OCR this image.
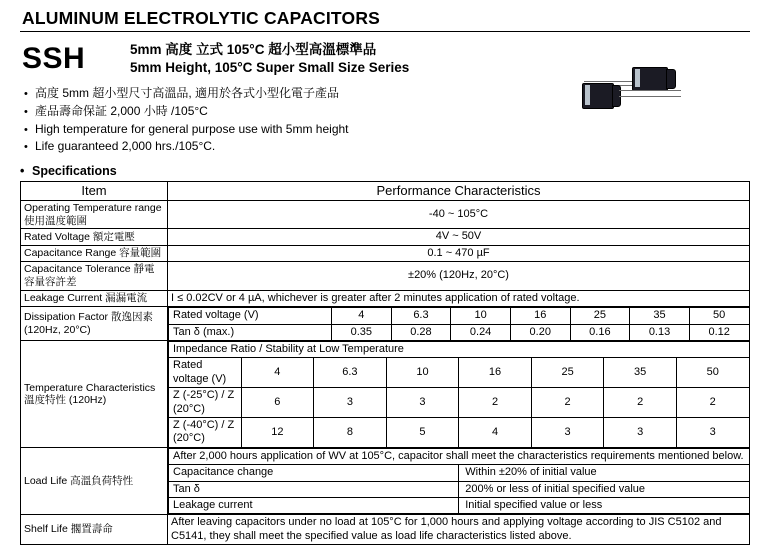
ALUMINUM ELECTROLYTIC CAPACITORS
SSH	5mm 高度 立式 105°C 超小型高溫標準品
5mm Height, 105°C Super Small Size Series
• 高度 5mm 超小型尺寸高溫品, 適用於各式小型化電子產品
• 產品壽命保証 2,000 小時 /105°C
• High temperature for general purpose use with 5mm height
• Life guaranteed 2,000 hrs./105°C.
• Specifications
Item	Performance Characteristics
Operating Temperature range 使用溫度範圍	-40 ~ 105°C
Rated Voltage 額定電壓	4V ~ 50V
Capacitance Range 容量範圍	0.1 ~ 470 µF
Capacitance Tolerance 靜電容量容許差	±20% (120Hz, 20°C)
Leakage Current 漏漏電流	I ≤ 0.02CV or 4 µA, whichever is greater after 2 minutes application of rated voltage.
Dissipation Factor 散逸因素 (120Hz, 20°C)	
Rated voltage (V)	4	6.3	10	16	25	35	50
Tan δ (max.)	0.35	0.28	0.24	0.20	0.16	0.13	0.12

Temperature Characteristics 溫度特性 (120Hz)	
Impedance Ratio / Stability at Low Temperature
Rated voltage (V)	4	6.3	10	16	25	35	50
Z (-25°C) / Z (20°C)	6	3	3	2	2	2	2
Z (-40°C) / Z (20°C)	12	8	5	4	3	3	3

Load Life 高溫負荷特性	
After 2,000 hours application of WV at 105°C, capacitor shall meet the characteristics requirements mentioned below.
Capacitance change	Within ±20% of initial value
Tan δ	200% or less of initial specified value
Leakage current	Initial specified value or less

Shelf Life 擱置壽命	After leaving capacitors under no load at 105°C for 1,000 hours and applying voltage according to JIS C5102 and C5141, they shall meet the specified value as load life characteristics listed above.
